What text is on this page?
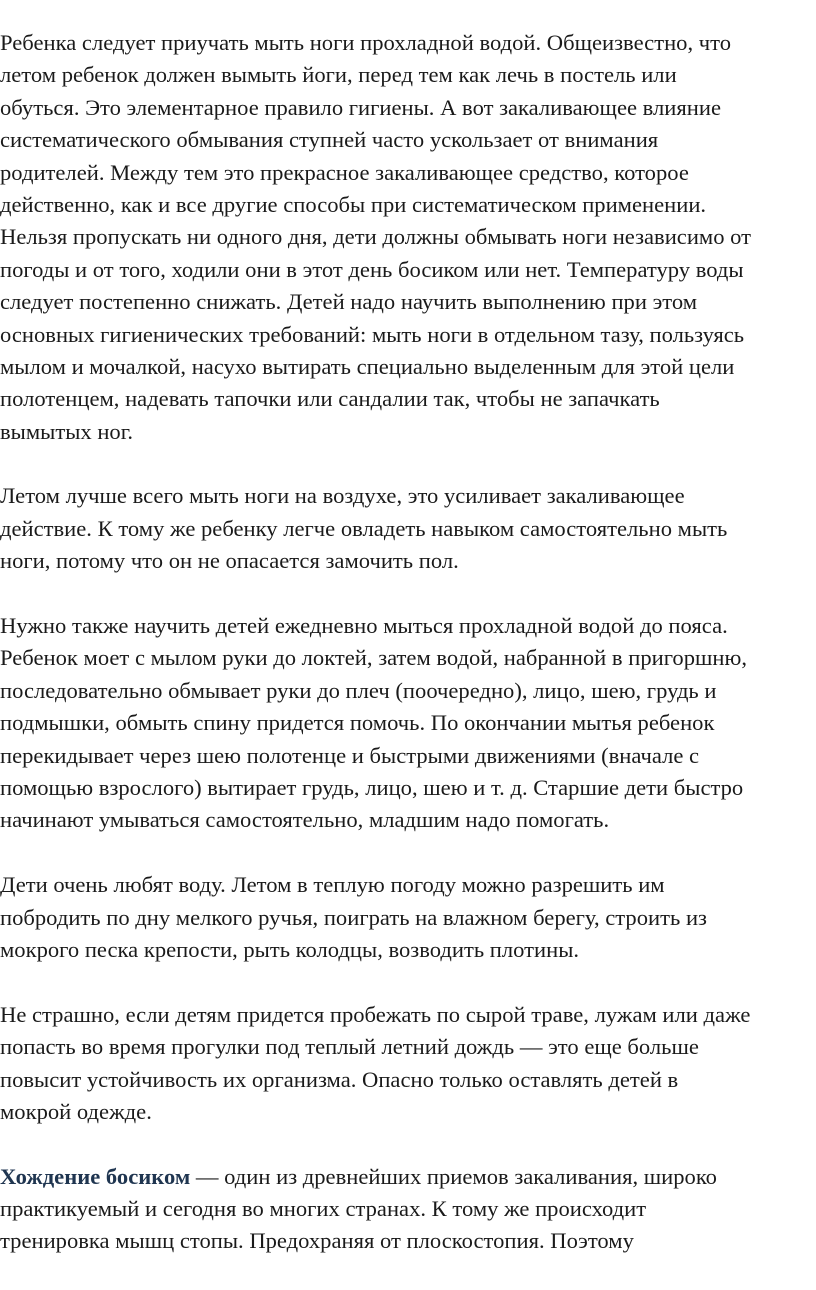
Ребенка следует приучать мыть ноги прохладной водой. Общеизвестно, что
летом ребенок должен вымыть йоги, перед тем как лечь в постель или
обуться. Это элементарное правило гигиены. А вот закаливающее влияние
систематического обмывания ступней часто ускользает от внимания
родителей. Между тем это прекрасное закаливающее средство, которое
действенно, как и все другие способы при систематическом применении.
Нельзя пропускать ни одного дня, дети должны обмывать ноги независимо от
погоды и от того, ходили они в этот день босиком или нет. Температуру воды
следует постепенно снижать. Детей надо научить выполнению при этом
основных гигиенических требований: мыть ноги в отдельном тазу, пользуясь
мылом и мочалкой, насухо вытирать специально выделенным для этой цели
полотенцем, надевать тапочки или сандалии так, чтобы не запачкать
вымытых ног.

Летом лучше всего мыть ноги на воздухе, это усиливает закаливающее
действие. К тому же ребенку легче овладеть навыком самостоятельно мыть
ноги, потому что он не опасается замочить пол.

Нужно также научить детей ежедневно мыться прохладной водой до пояса.
Ребенок моет с мылом руки до локтей, затем водой, набранной в пригоршню,
последовательно обмывает руки до плеч (поочередно), лицо, шею, грудь и
подмышки, обмыть спину придется помочь. По окончании мытья ребенок
перекидывает через шею полотенце и быстрыми движениями (вначале с
помощью взрослого) вытирает грудь, лицо, шею и т. д. Старшие дети быстро
начинают умываться самостоятельно, младшим надо помогать.

Дети очень любят воду. Летом в теплую погоду можно разрешить им
побродить по дну мелкого ручья, поиграть на влажном берегу, строить из
мокрого песка крепости, рыть колодцы, возводить плотины.

Не страшно, если детям придется пробежать по сырой траве, лужам или даже
попасть во время прогулки под теплый летний дождь — это еще больше
повысит устойчивость их организма. Опасно только оставлять детей в
мокрой одежде.

Хождение босиком — один из древнейших приемов закаливания, широко
практикуемый и сегодня во многих странах. К тому же происходит
тренировка мышц стопы. Предохраняя от плоскостопия. Поэтому
